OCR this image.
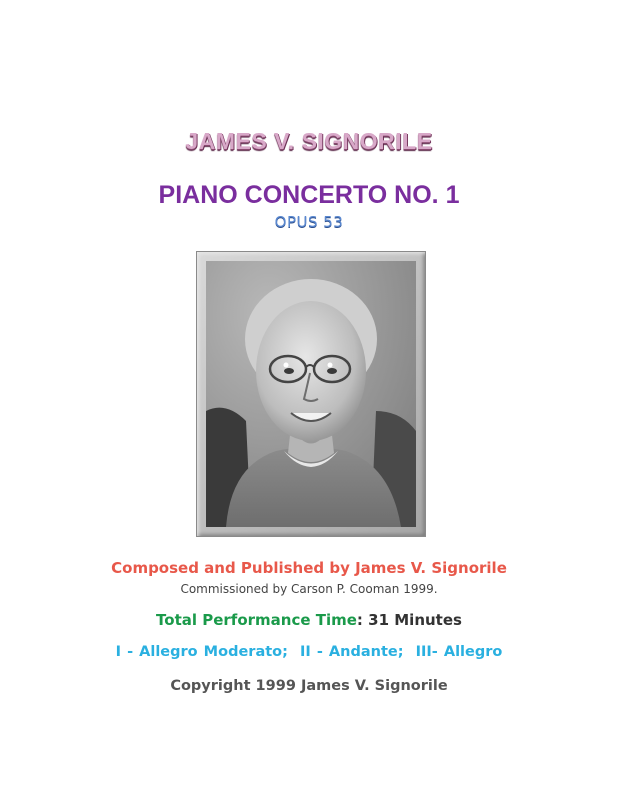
JAMES V. SIGNORILE
PIANO CONCERTO NO. 1
OPUS 53
Composed and Published by James V. Signorile
Commissioned by Carson P. Cooman 1999.
Total Performance Time: 31 Minutes
I - Allegro Moderato;  II - Andante;  III- Allegro
Copyright 1999 James V. Signorile
